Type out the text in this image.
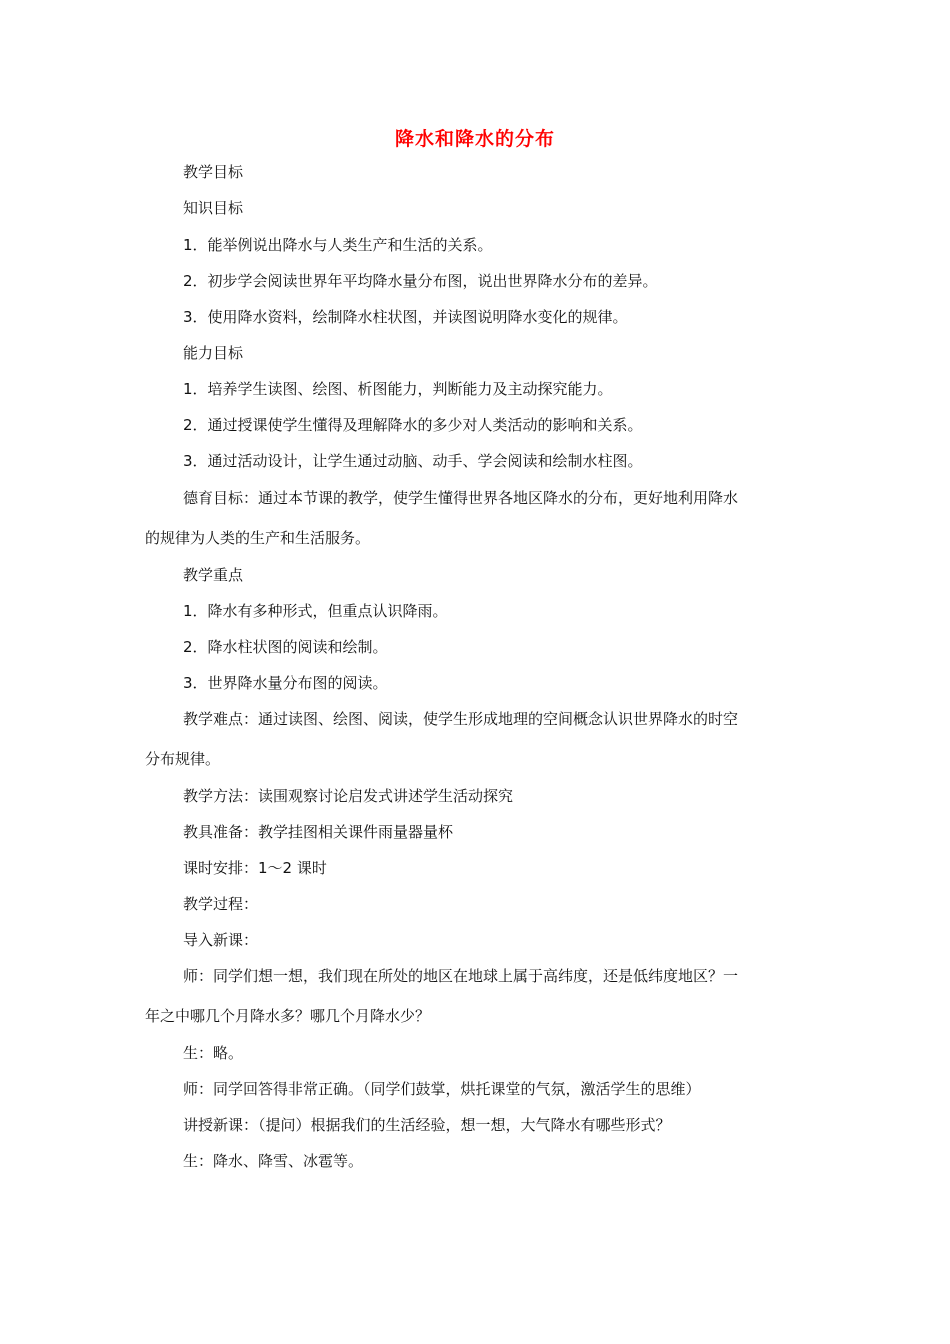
降水和降水的分布
教学目标
知识目标
1．能举例说出降水与人类生产和生活的关系。
2．初步学会阅读世界年平均降水量分布图，说出世界降水分布的差异。
3．使用降水资料，绘制降水柱状图，并读图说明降水变化的规律。
能力目标
1．培养学生读图、绘图、析图能力，判断能力及主动探究能力。
2．通过授课使学生懂得及理解降水的多少对人类活动的影响和关系。
3．通过活动设计，让学生通过动脑、动手、学会阅读和绘制水柱图。
德育目标：通过本节课的教学，使学生懂得世界各地区降水的分布，更好地利用降水
的规律为人类的生产和生活服务。
教学重点
1．降水有多种形式，但重点认识降雨。
2．降水柱状图的阅读和绘制。
3．世界降水量分布图的阅读。
教学难点：通过读图、绘图、阅读，使学生形成地理的空间概念认识世界降水的时空
分布规律。
教学方法：读围观察讨论启发式讲述学生活动探究
教具准备：教学挂图相关课件雨量器量杯
课时安排：1～2 课时
教学过程：
导入新课：
师：同学们想一想，我们现在所处的地区在地球上属于高纬度，还是低纬度地区？一
年之中哪几个月降水多？哪几个月降水少？
生：略。
师：同学回答得非常正确。（同学们鼓掌，烘托课堂的气氛，激活学生的思维）
讲授新课：（提问）根据我们的生活经验，想一想，大气降水有哪些形式？
生：降水、降雪、冰雹等。
